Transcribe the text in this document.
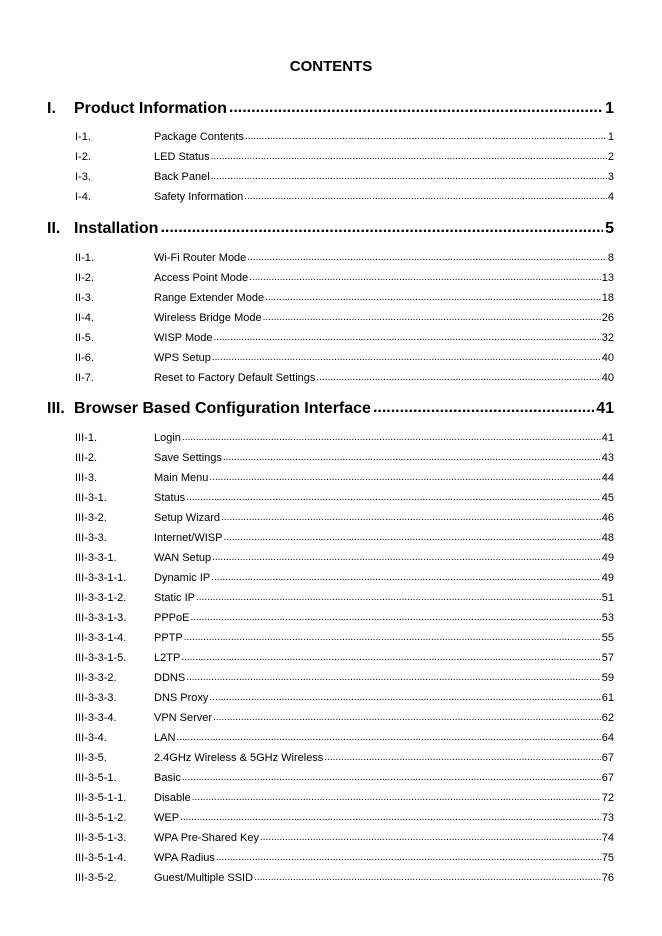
CONTENTS
I.	Product Information .....	1
I-1.	Package Contents .....	1
I-2.	LED Status .....	2
I-3.	Back Panel .....	3
I-4.	Safety Information .....	4
II. Installation .....	5
II-1.	Wi-Fi Router Mode .....	8
II-2.	Access Point Mode .....	13
II-3.	Range Extender Mode .....	18
II-4.	Wireless Bridge Mode .....	26
II-5.	WISP Mode .....	32
II-6.	WPS Setup .....	40
II-7.	Reset to Factory Default Settings .....	40
III. Browser Based Configuration Interface .....	41
III-1.	Login .....	41
III-2.	Save Settings .....	43
III-3.	Main Menu .....	44
III-3-1.	Status .....	45
III-3-2.	Setup Wizard .....	46
III-3-3.	Internet/WISP .....	48
III-3-3-1.	WAN Setup .....	49
III-3-3-1-1.	Dynamic IP .....	49
III-3-3-1-2.	Static IP .....	51
III-3-3-1-3.	PPPoE .....	53
III-3-3-1-4.	PPTP .....	55
III-3-3-1-5.	L2TP .....	57
III-3-3-2.	DDNS .....	59
III-3-3-3.	DNS Proxy .....	61
III-3-3-4.	VPN Server .....	62
III-3-4.	LAN .....	64
III-3-5.	2.4GHz Wireless & 5GHz Wireless .....	67
III-3-5-1.	Basic .....	67
III-3-5-1-1.	Disable .....	72
III-3-5-1-2.	WEP .....	73
III-3-5-1-3.	WPA Pre-Shared Key .....	74
III-3-5-1-4.	WPA Radius .....	75
III-3-5-2.	Guest/Multiple SSID .....	76
